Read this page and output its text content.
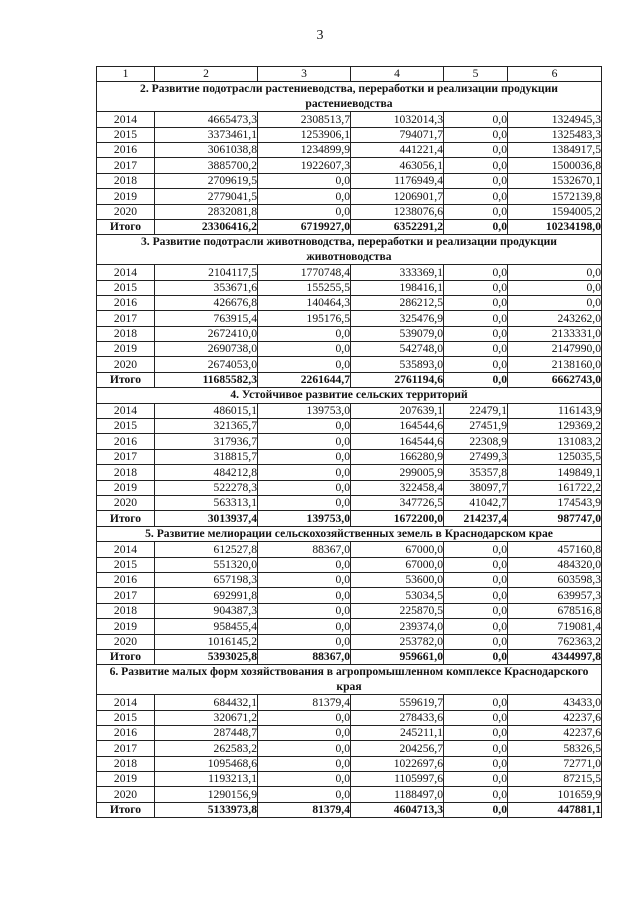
3
1	2	3	4	5	6
2. Развитие подотрасли растениеводства, переработки и реализации продукции растениеводства					
2014	4665473,3	2308513,7	1032014,3	0,0	1324945,3
2015	3373461,1	1253906,1	794071,7	0,0	1325483,3
2016	3061038,8	1234899,9	441221,4	0,0	1384917,5
2017	3885700,2	1922607,3	463056,1	0,0	1500036,8
2018	2709619,5	0,0	1176949,4	0,0	1532670,1
2019	2779041,5	0,0	1206901,7	0,0	1572139,8
2020	2832081,8	0,0	1238076,6	0,0	1594005,2
Итого	23306416,2	6719927,0	6352291,2	0,0	10234198,0
3. Развитие подотрасли животноводства, переработки и реализации продукции животноводства					
2014	2104117,5	1770748,4	333369,1	0,0	0,0
2015	353671,6	155255,5	198416,1	0,0	0,0
2016	426676,8	140464,3	286212,5	0,0	0,0
2017	763915,4	195176,5	325476,9	0,0	243262,0
2018	2672410,0	0,0	539079,0	0,0	2133331,0
2019	2690738,0	0,0	542748,0	0,0	2147990,0
2020	2674053,0	0,0	535893,0	0,0	2138160,0
Итого	11685582,3	2261644,7	2761194,6	0,0	6662743,0
4. Устойчивое развитие сельских территорий					
2014	486015,1	139753,0	207639,1	22479,1	116143,9
2015	321365,7	0,0	164544,6	27451,9	129369,2
2016	317936,7	0,0	164544,6	22308,9	131083,2
2017	318815,7	0,0	166280,9	27499,3	125035,5
2018	484212,8	0,0	299005,9	35357,8	149849,1
2019	522278,3	0,0	322458,4	38097,7	161722,2
2020	563313,1	0,0	347726,5	41042,7	174543,9
Итого	3013937,4	139753,0	1672200,0	214237,4	987747,0
5. Развитие мелиорации сельскохозяйственных земель в Краснодарском крае					
2014	612527,8	88367,0	67000,0	0,0	457160,8
2015	551320,0	0,0	67000,0	0,0	484320,0
2016	657198,3	0,0	53600,0	0,0	603598,3
2017	692991,8	0,0	53034,5	0,0	639957,3
2018	904387,3	0,0	225870,5	0,0	678516,8
2019	958455,4	0,0	239374,0	0,0	719081,4
2020	1016145,2	0,0	253782,0	0,0	762363,2
Итого	5393025,8	88367,0	959661,0	0,0	4344997,8
6. Развитие малых форм хозяйствования в агропромышленном комплексе Краснодарского края					
2014	684432,1	81379,4	559619,7	0,0	43433,0
2015	320671,2	0,0	278433,6	0,0	42237,6
2016	287448,7	0,0	245211,1	0,0	42237,6
2017	262583,2	0,0	204256,7	0,0	58326,5
2018	1095468,6	0,0	1022697,6	0,0	72771,0
2019	1193213,1	0,0	1105997,6	0,0	87215,5
2020	1290156,9	0,0	1188497,0	0,0	101659,9
Итого	5133973,8	81379,4	4604713,3	0,0	447881,1
